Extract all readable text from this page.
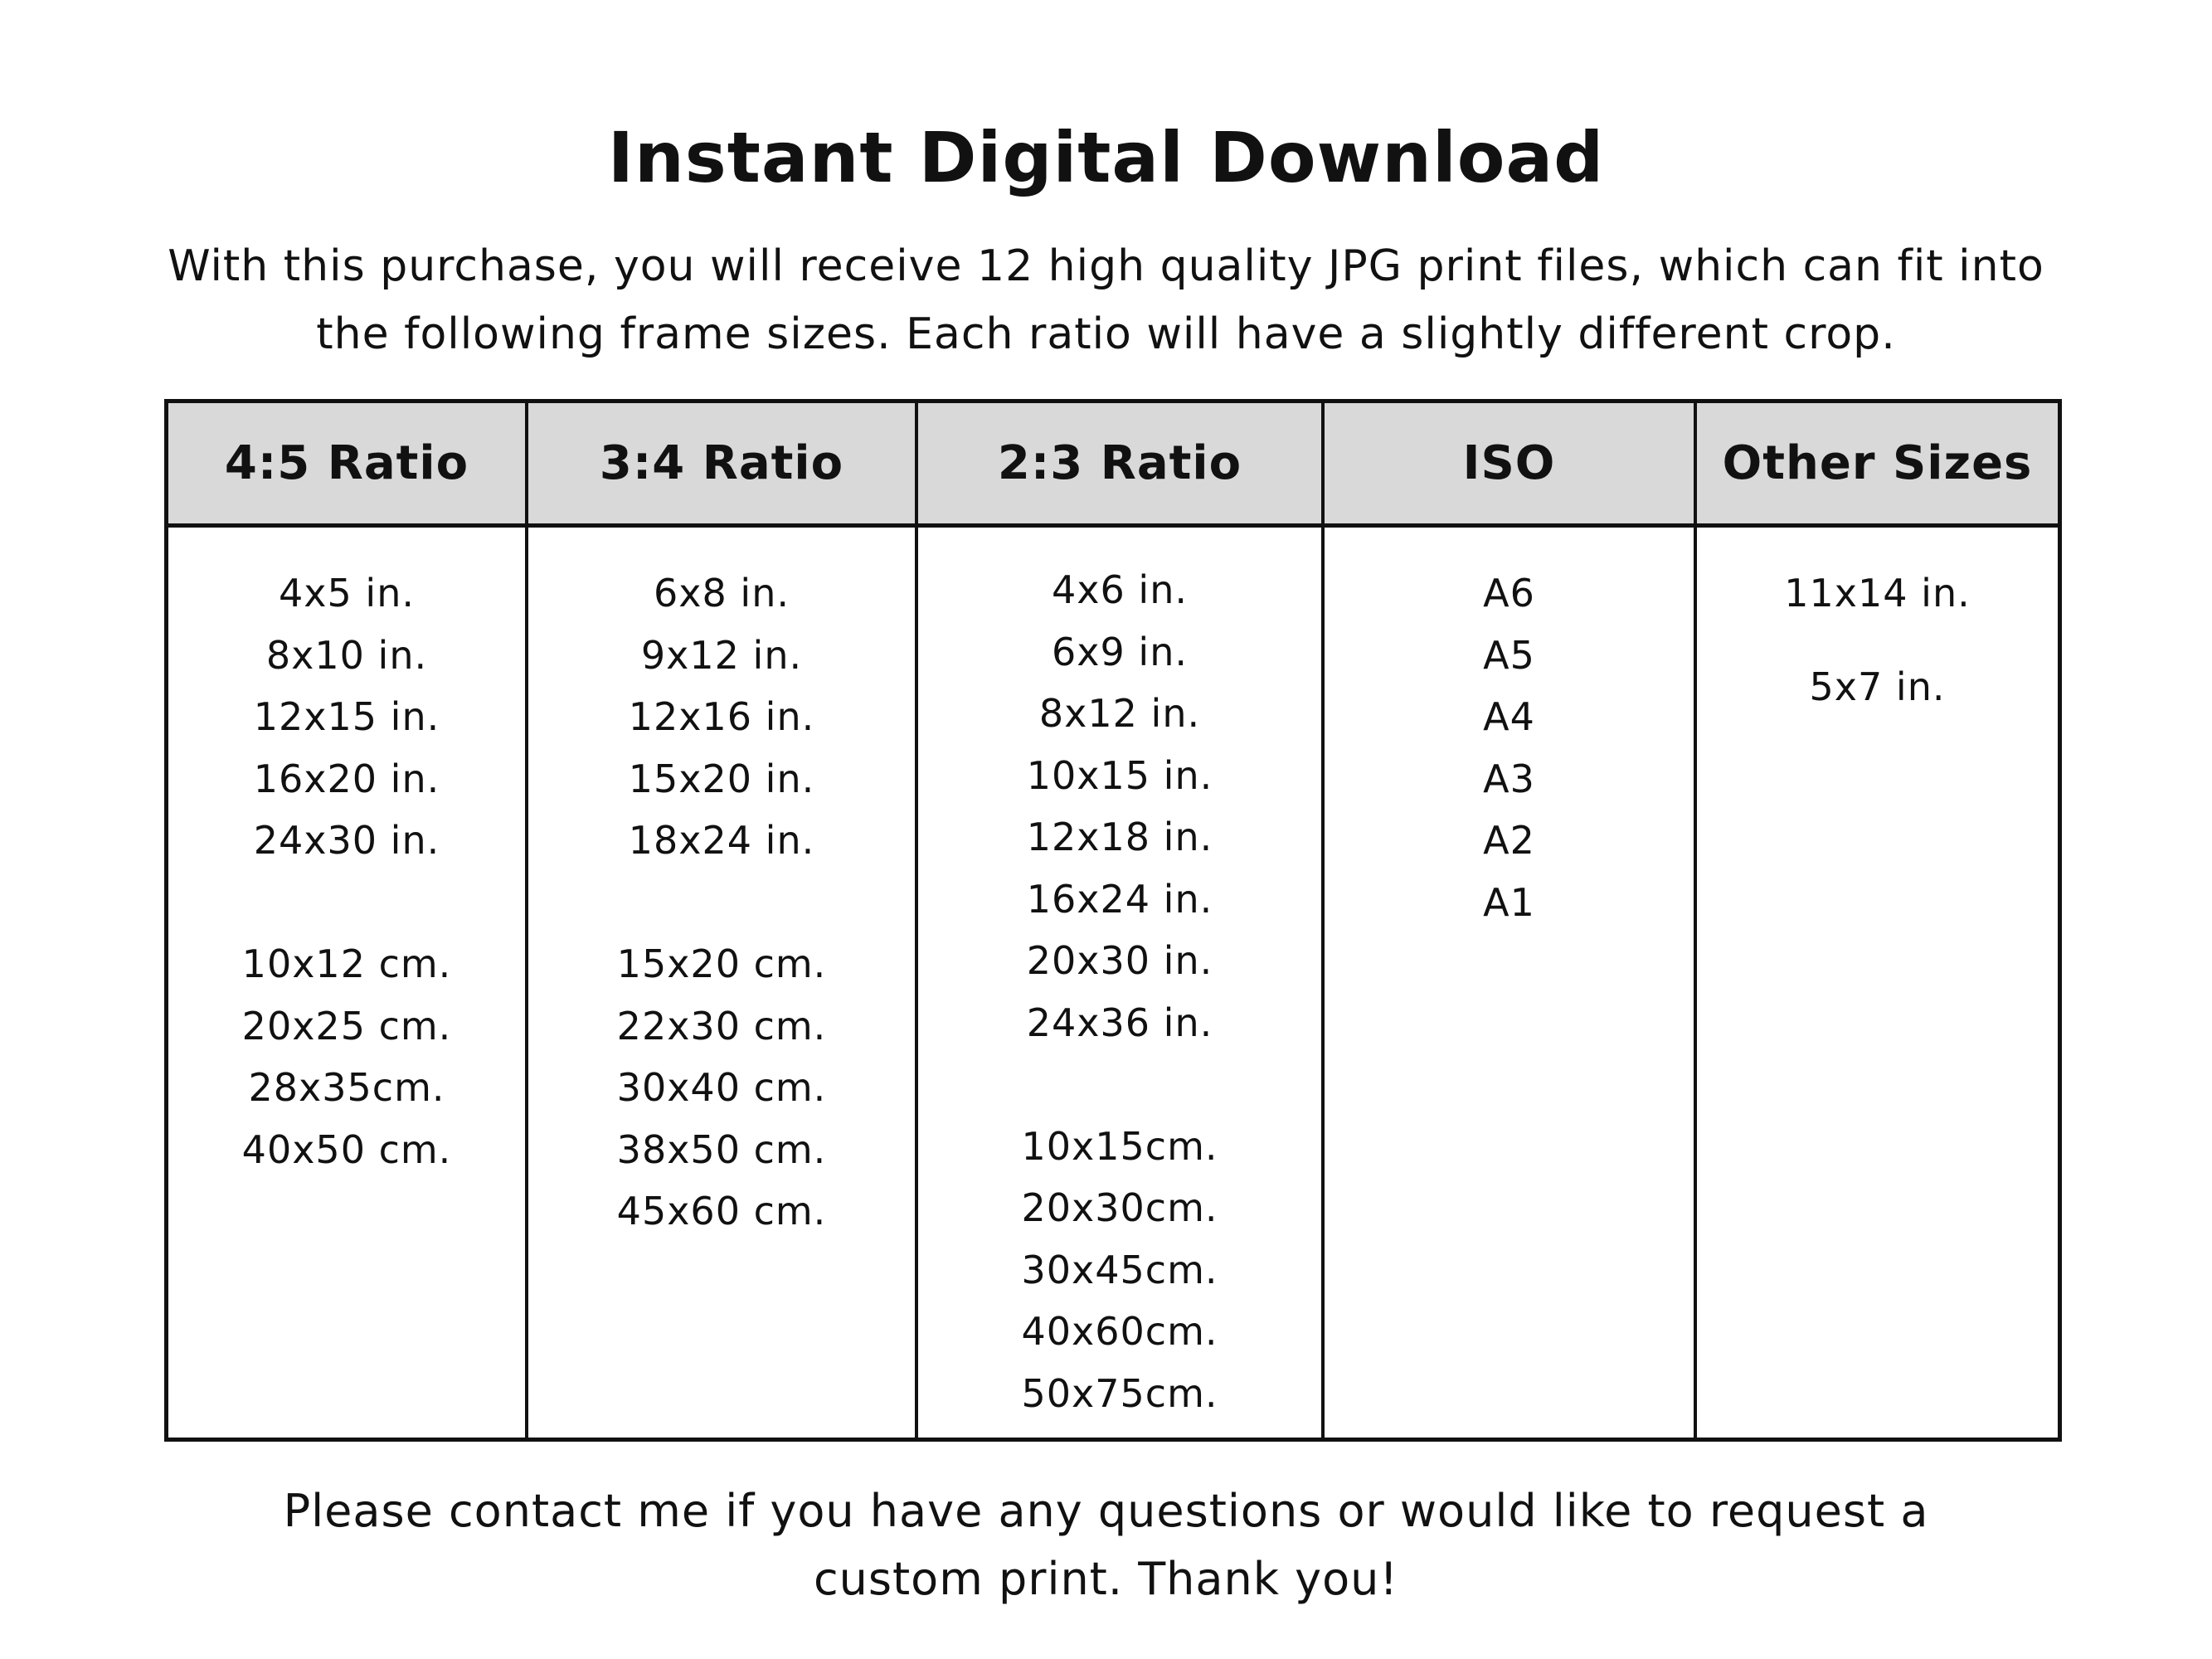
Instant Digital Download

With this purchase, you will receive 12 high quality JPG print files, which can fit into the following frame sizes. Each ratio will have a slightly different crop.

4:5 Ratio
4x5 in.
8x10 in.
12x15 in.
16x20 in.
24x30 in.
10x12 cm.
20x25 cm.
28x35cm.
40x50 cm.
3:4 Ratio
6x8 in.
9x12 in.
12x16 in.
15x20 in.
18x24 in.
15x20 cm.
22x30 cm.
30x40 cm.
38x50 cm.
45x60 cm.
2:3 Ratio
4x6 in.
6x9 in.
8x12 in.
10x15 in.
12x18 in.
16x24 in.
20x30 in.
24x36 in.
10x15cm.
20x30cm.
30x45cm.
40x60cm.
50x75cm.
ISO
A6
A5
A4
A3
A2
A1
Other Sizes
11x14 in.
5x7 in.

Please contact me if you have any questions or would like to request a custom print. Thank you!
